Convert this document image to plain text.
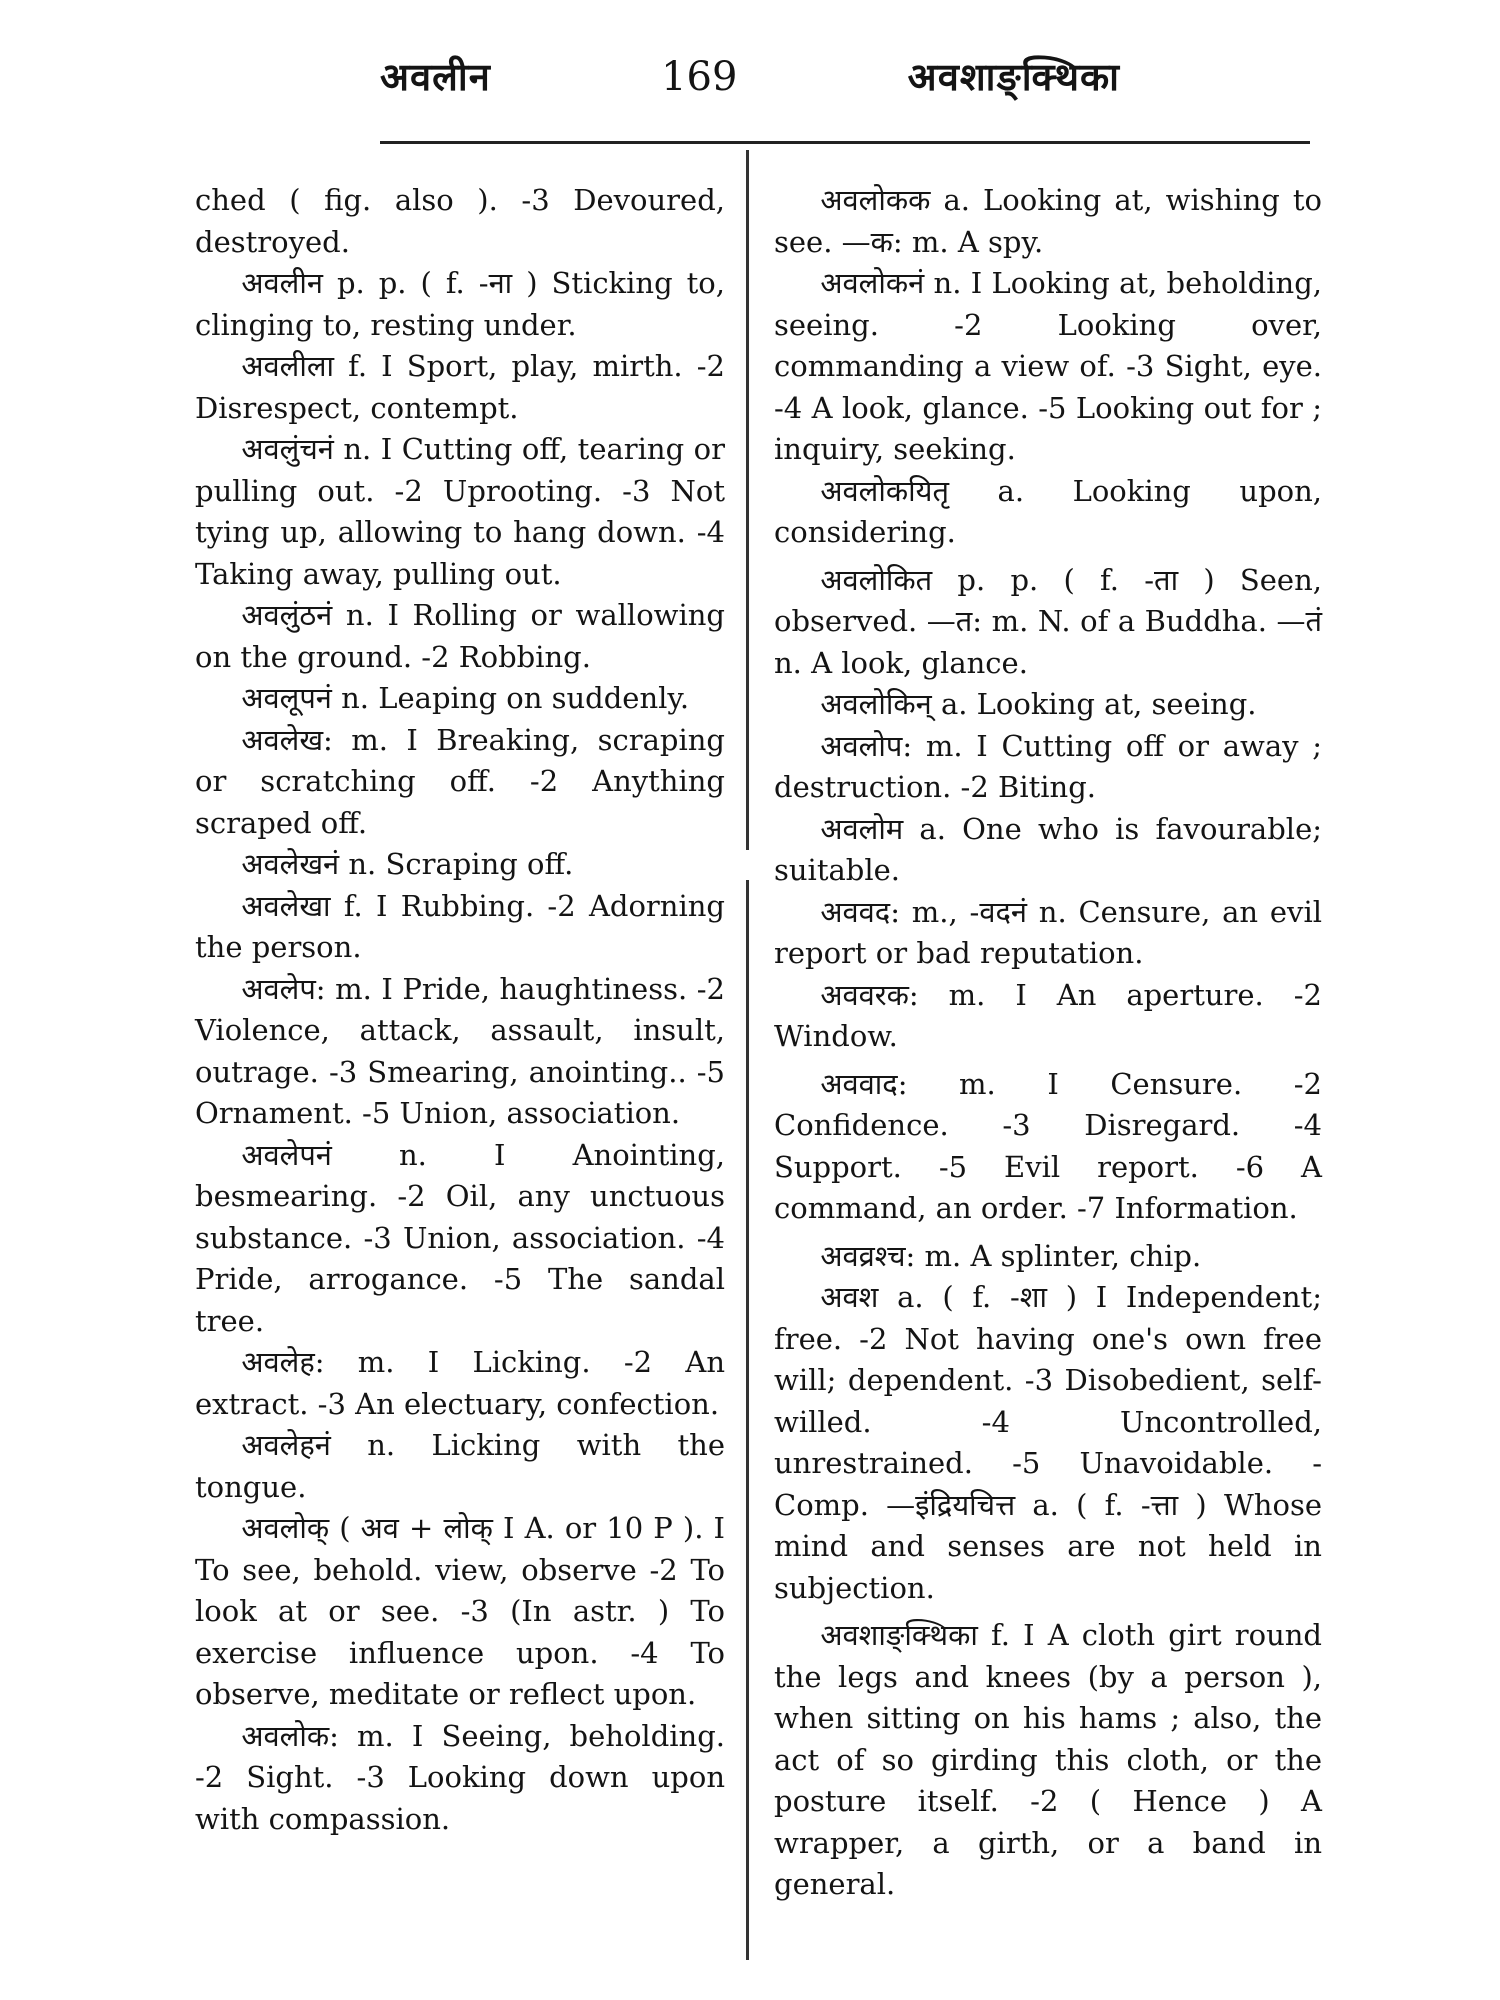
अवलीन	169	अवशाङ्क्थिका

ched ( fig. also ). -3 Devoured, destroyed.

अवलीन p. p. ( f. -ना ) Sticking to, clinging to, resting under.

अवलीला f. I Sport, play, mirth. -2 Disrespect, contempt.

अवलुंचनं n. I Cutting off, tearing or pulling out. -2 Uprooting. -3 Not tying up, allowing to hang down. -4 Taking away, pulling out.

अवलुंठनं n. I Rolling or wallowing on the ground. -2 Robbing.

अवलूपनं n. Leaping on suddenly.

अवलेख: m. I Breaking, scraping or scratching off. -2 Anything scraped off.

अवलेखनं n. Scraping off.

अवलेखा f. I Rubbing. -2 Adorning the person.

अवलेप: m. I Pride, haughtiness. -2 Violence, attack, assault, insult, outrage. -3 Smearing, anointing.. -5 Ornament. -5 Union, association.

अवलेपनं n. I Anointing, besmearing. -2 Oil, any unctuous substance. -3 Union, association. -4 Pride, arrogance. -5 The sandal tree.

अवलेह: m. I Licking. -2 An extract. -3 An electuary, confection.

अवलेहनं n. Licking with the tongue.

अवलोक् ( अव + लोक् I A. or 10 P ). I To see, behold. view, observe -2 To look at or see. -3 (In astr. ) To exercise influence upon. -4 To observe, meditate or reflect upon.

अवलोक: m. I Seeing, beholding. -2 Sight. -3 Looking down upon with compassion.

अवलोकक a. Looking at, wishing to see. —क: m. A spy.

अवलोकनं n. I Looking at, beholding, seeing. -2 Looking over, commanding a view of. -3 Sight, eye. -4 A look, glance. -5 Looking out for ; inquiry, seeking.

अवलोकयितृ a. Looking upon, considering.

अवलोकित p. p. ( f. -ता ) Seen, observed. —त: m. N. of a Buddha. —तं n. A look, glance.

अवलोकिन् a. Looking at, seeing.

अवलोप: m. I Cutting off or away ; destruction. -2 Biting.

अवलोम a. One who is favourable; suitable.

अववद: m., -वदनं n. Censure, an evil report or bad reputation.

अववरक: m. I An aperture. -2 Window.

अववाद: m. I Censure. -2 Confidence. -3 Disregard. -4 Support. -5 Evil report. -6 A command, an order. -7 Information.

अवव्रश्च: m. A splinter, chip.

अवश a. ( f. -शा ) I Independent; free. -2 Not having one's own free will; dependent. -3 Disobedient, self-willed. -4 Uncontrolled, unrestrained. -5 Unavoidable. -Comp. —इंद्रियचित्त a. ( f. -त्ता ) Whose mind and senses are not held in subjection.

अवशाङ्क्थिका f. I A cloth girt round the legs and knees (by a person ), when sitting on his hams ; also, the act of so girding this cloth, or the posture itself. -2 ( Hence ) A wrapper, a girth, or a band in general.
